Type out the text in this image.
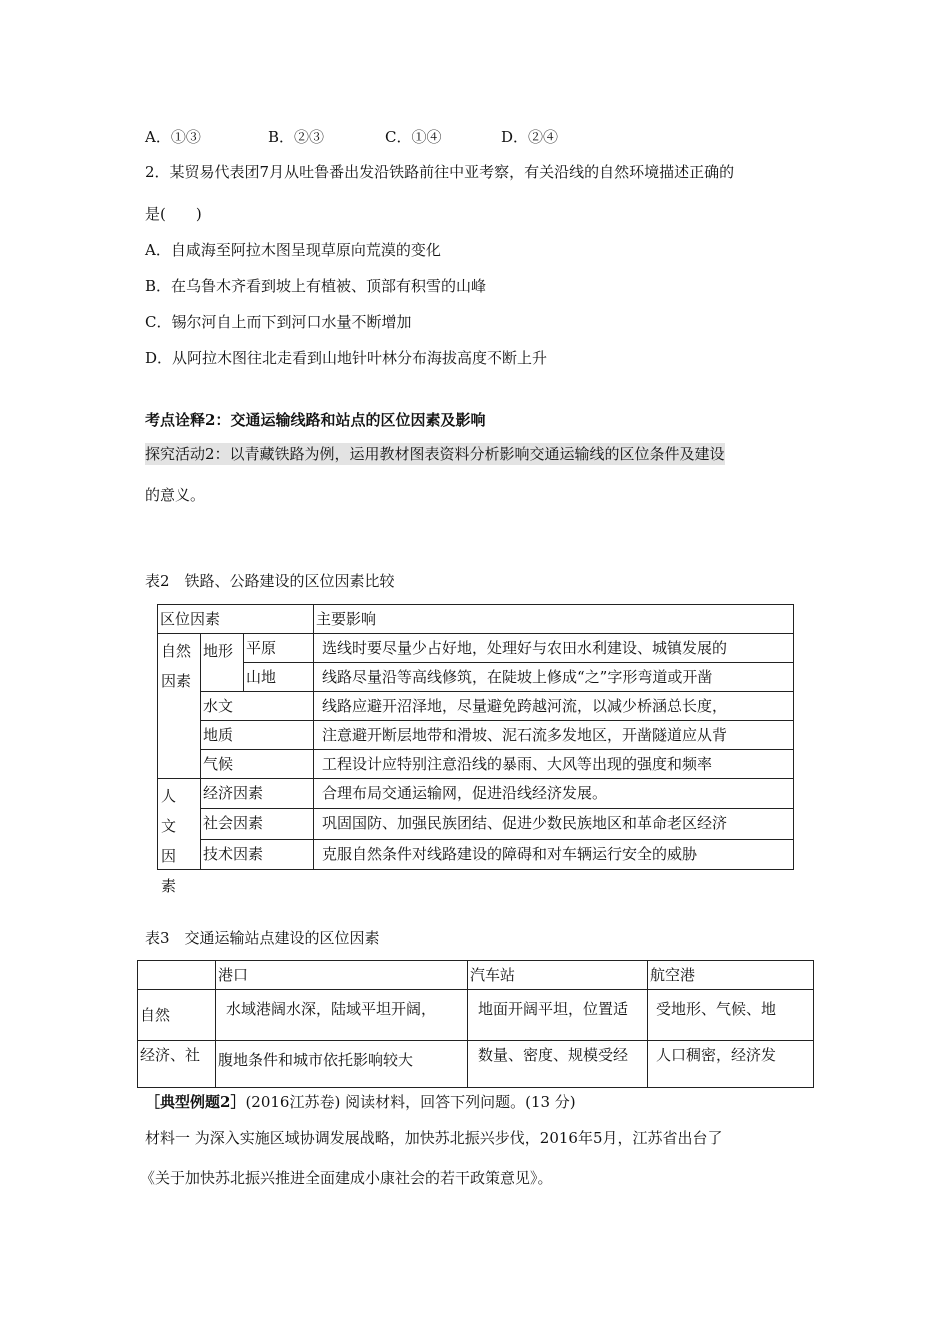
A．①③	B．②③	C．①④	D．②④
2．某贸易代表团7月从吐鲁番出发沿铁路前往中亚考察，有关沿线的自然环境描述正确的
是(　　)
A．自咸海至阿拉木图呈现草原向荒漠的变化
B．在乌鲁木齐看到坡上有植被、顶部有积雪的山峰
C．锡尔河自上而下到河口水量不断增加
D．从阿拉木图往北走看到山地针叶林分布海拔高度不断上升
考点诠释2：交通运输线路和站点的区位因素及影响
探究活动2：以青藏铁路为例，运用教材图表资料分析影响交通运输线的区位条件及建设
的意义。
表2　铁路、公路建设的区位因素比较
区位因素			主要影响
自然因素	地形	平原	选线时要尽量少占好地，处理好与农田水利建设、城镇发展的
		山地	线路尽量沿等高线修筑，在陡坡上修成“之”字形弯道或开凿
	水文		线路应避开沼泽地，尽量避免跨越河流，以减少桥涵总长度，
	地质		注意避开断层地带和滑坡、泥石流多发地区，开凿隧道应从背
	气候		工程设计应特别注意沿线的暴雨、大风等出现的强度和频率

人文因素	经济因素		合理布局交通运输网，促进沿线经济发展。
	社会因素		巩固国防、加强民族团结、促进少数民族地区和革命老区经济
	技术因素		克服自然条件对线路建设的障碍和对车辆运行安全的威胁
表3　交通运输站点建设的区位因素
	港口	汽车站	航空港
自然	水域港阔水深，陆域平坦开阔，	地面开阔平坦，位置适	受地形、气候、地
经济、社	腹地条件和城市依托影响较大	数量、密度、规模受经	人口稠密，经济发
［典型例题2］(2016江苏卷) 阅读材料，回答下列问题。(13 分)
材料一 为深入实施区域协调发展战略，加快苏北振兴步伐，2016年5月，江苏省出台了
《关于加快苏北振兴推进全面建成小康社会的若干政策意见》。
